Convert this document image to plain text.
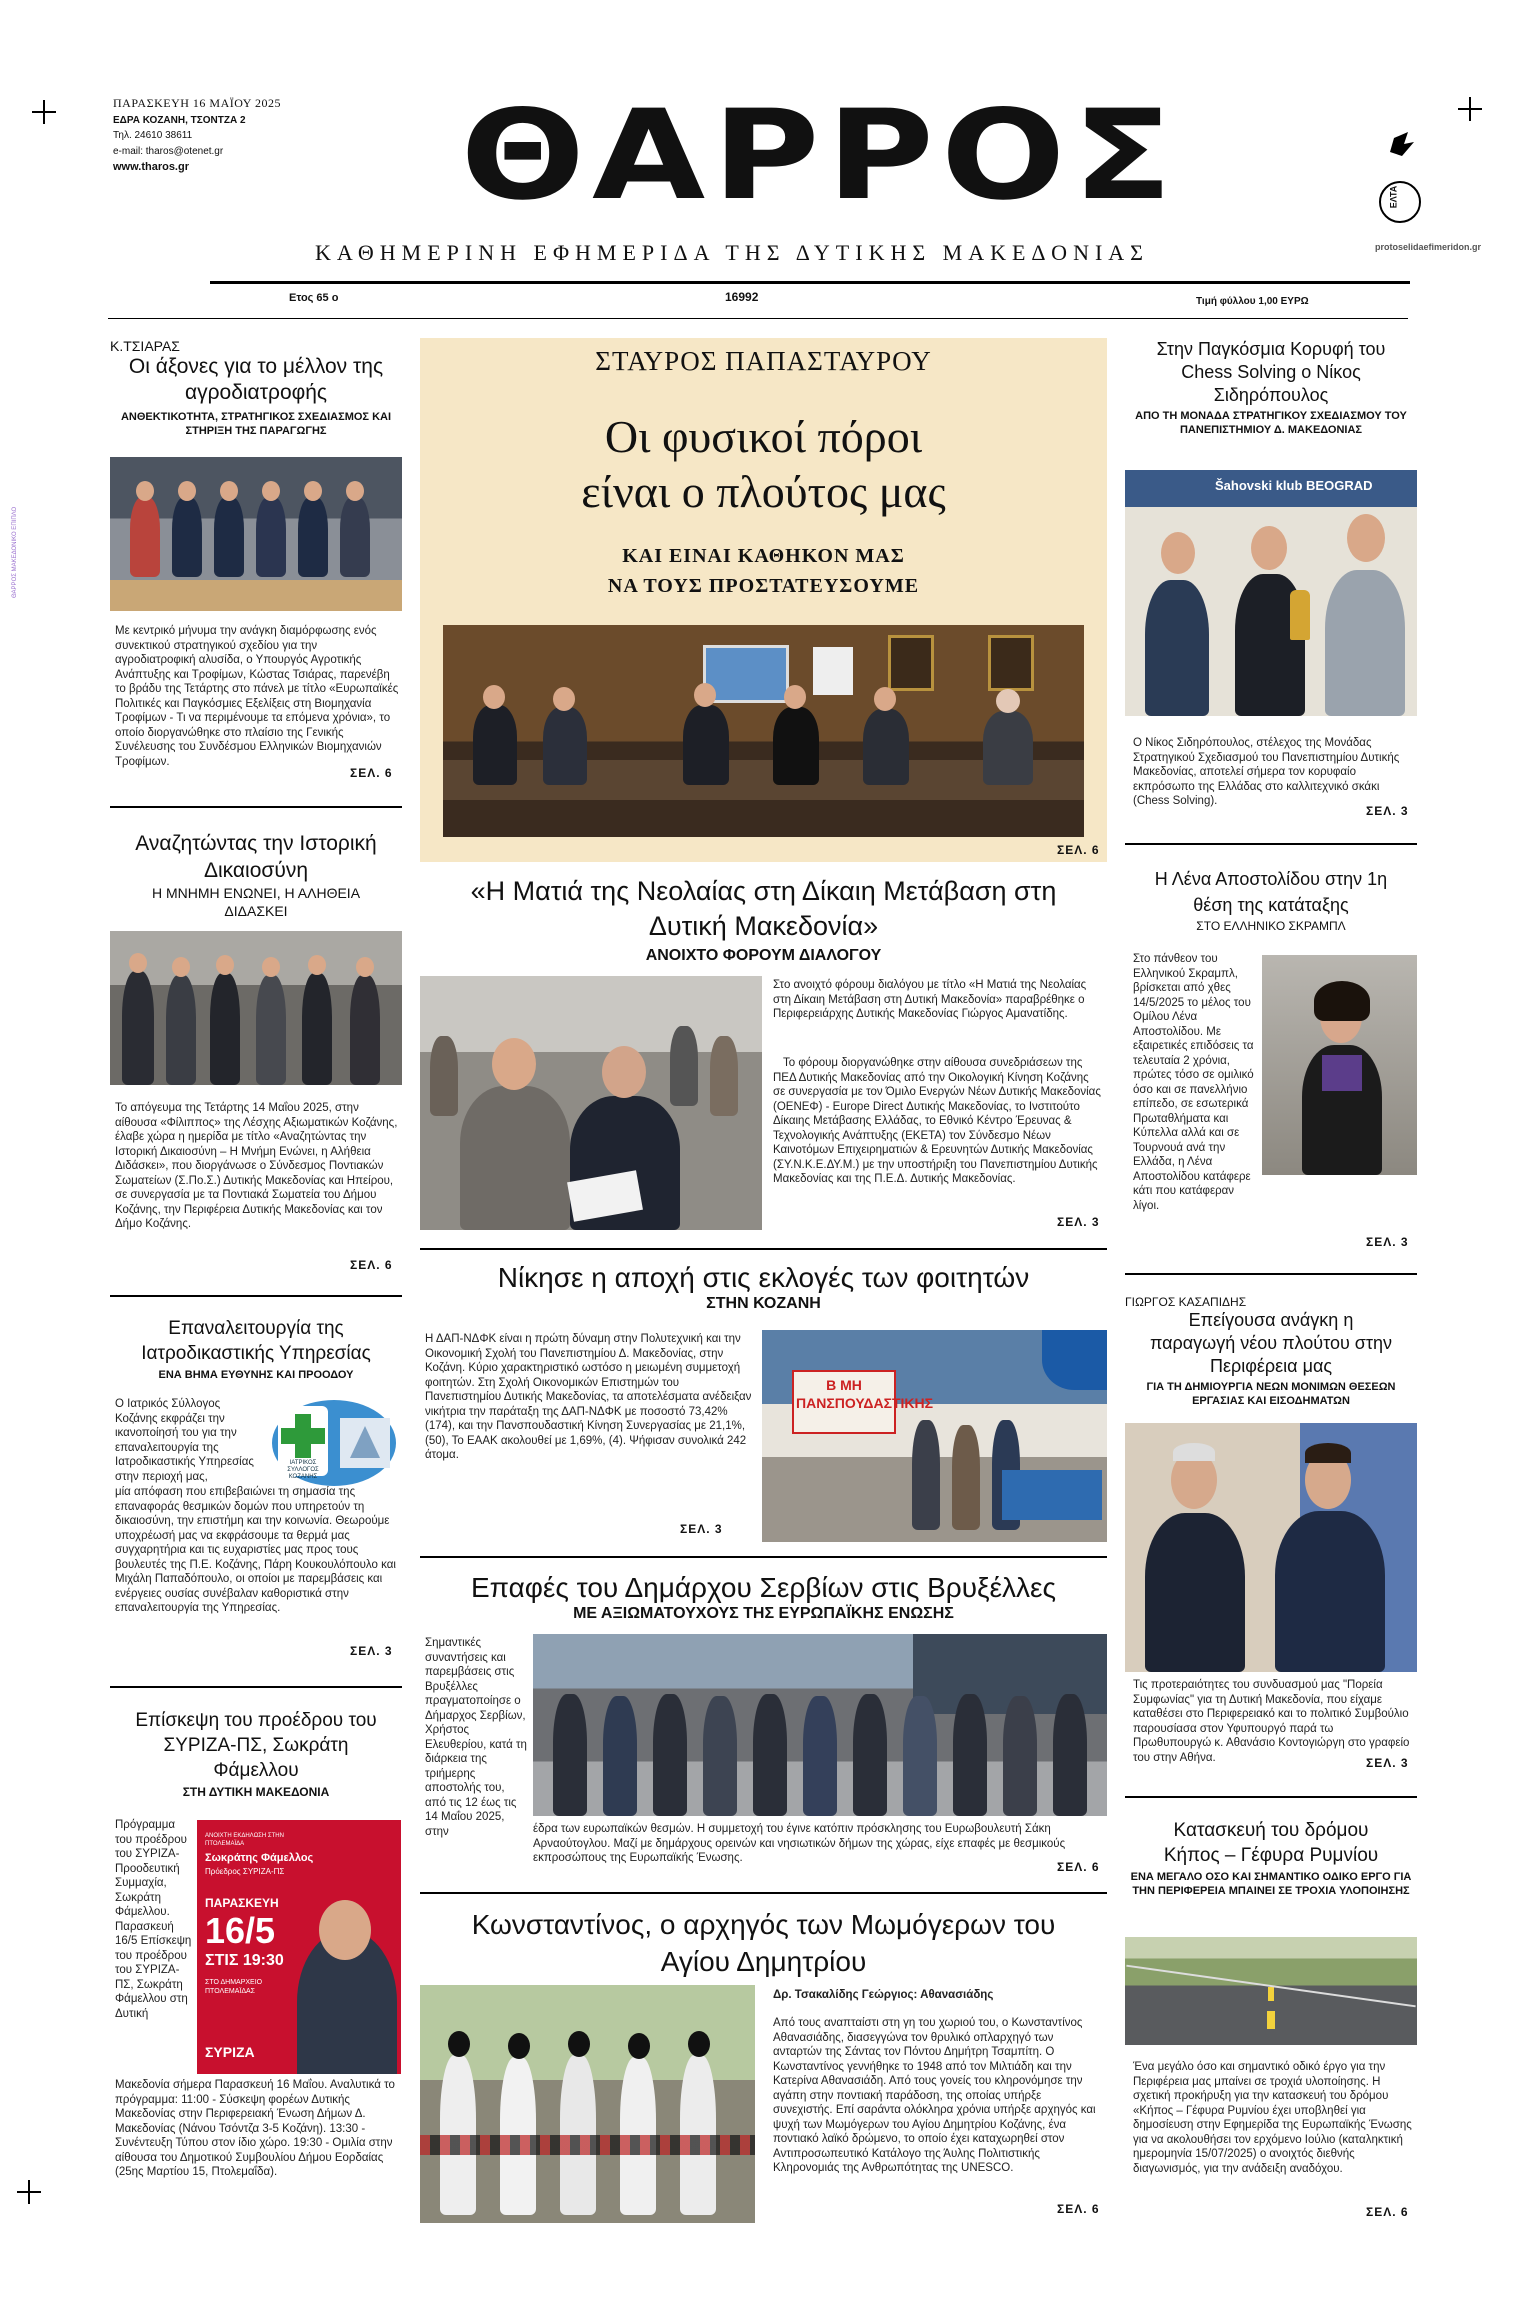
ΘΑΡΡΟΣ ΜΑΚΕΔΟΝΙΚΟ ΕΠΙΠΛΟ
ΠΑΡΑΣΚΕΥΗ 16 ΜΑΪΟΥ 2025
ΕΔΡΑ ΚΟΖΑΝΗ, ΤΣΟΝΤΖΑ 2
Τηλ. 24610 38611
e-mail: tharos@otenet.gr
www.tharos.gr	ΘΑΡΡΟΣ	ΕΛΤΑ
protoselidaefimeridon.gr
ΚΑΘΗΜΕΡΙΝΗ ΕΦΗΜΕΡΙΔΑ ΤΗΣ ΔΥΤΙΚΗΣ ΜΑΚΕΔΟΝΙΑΣ
Ετος 65 ο	16992	Τιμή φύλλου 1,00 ΕΥΡΩ
Κ.ΤΣΙΑΡΑΣ
Οι άξονες για το μέλλον της αγροδιατροφής
ΑΝΘΕΚΤΙΚΟΤΗΤΑ, ΣΤΡΑΤΗΓΙΚΟΣ ΣΧΕΔΙΑΣΜΟΣ ΚΑΙ ΣΤΗΡΙΞΗ ΤΗΣ ΠΑΡΑΓΩΓΗΣ
Με κεντρικό μήνυμα την ανάγκη διαμόρφωσης ενός συνεκτικού στρατηγικού σχεδίου για την αγροδιατροφική αλυσίδα, ο Υπουργός Αγροτικής Ανάπτυξης και Τροφίμων, Κώστας Τσιάρας, παρενέβη το βράδυ της Τετάρτης στο πάνελ με τίτλο «Ευρωπαϊκές Πολιτικές και Παγκόσμιες Εξελίξεις στη Βιομηχανία Τροφίμων - Τι να περιμένουμε τα επόμενα χρόνια», το οποίο διοργανώθηκε στο πλαίσιο της Γενικής Συνέλευσης του Συνδέσμου Ελληνικών Βιομηχανιών Τροφίμων.
ΣΕΛ. 6
Αναζητώντας την Ιστορική Δικαιοσύνη
Η ΜΝΗΜΗ ΕΝΩΝΕΙ, Η ΑΛΗΘΕΙΑ ΔΙΔΑΣΚΕΙ
Το απόγευμα της Τετάρτης 14 Μαΐου 2025, στην αίθουσα «Φίλιππος» της Λέσχης Αξιωματικών Κοζάνης, έλαβε χώρα η ημερίδα με τίτλο «Αναζητώντας την Ιστορική Δικαιοσύνη – Η Μνήμη Ενώνει, η Αλήθεια Διδάσκει», που διοργάνωσε ο Σύνδεσμος Ποντιακών Σωματείων (Σ.Πο.Σ.) Δυτικής Μακεδονίας και Ηπείρου, σε συνεργασία με τα Ποντιακά Σωματεία του Δήμου Κοζάνης, την Περιφέρεια Δυτικής Μακεδονίας και τον Δήμο Κοζάνης.
ΣΕΛ. 6
Επαναλειτουργία της Ιατροδικαστικής Υπηρεσίας
ΕΝΑ ΒΗΜΑ ΕΥΘΥΝΗΣ ΚΑΙ ΠΡΟΟΔΟΥ
ΙΑΤΡΙΚΟΣ ΣΥΛΛΟΓΟΣ ΚΟΖΑΝΗΣ
Ο Ιατρικός Σύλλογος Κοζάνης εκφράζει την ικανοποίησή του για την επαναλειτουργία της Ιατροδικαστικής Υπηρεσίας στην περιοχή μας,
μία απόφαση που επιβεβαιώνει τη σημασία της επαναφοράς θεσμικών δομών που υπηρετούν τη δικαιοσύνη, την επιστήμη και την κοινωνία. Θεωρούμε υποχρέωσή μας να εκφράσουμε τα θερμά μας συγχαρητήρια και τις ευχαριστίες μας προς τους βουλευτές της Π.Ε. Κοζάνης, Πάρη Κουκουλόπουλο και Μιχάλη Παπαδόπουλο, οι οποίοι με παρεμβάσεις και ενέργειες ουσίας συνέβαλαν καθοριστικά στην επαναλειτουργία της Υπηρεσίας.
ΣΕΛ. 3
Επίσκεψη του προέδρου του ΣΥΡΙΖΑ-ΠΣ, Σωκράτη Φάμελλου
ΣΤΗ ΔΥΤΙΚΗ ΜΑΚΕΔΟΝΙΑ
Πρόγραμμα του προέδρου του ΣΥΡΙΖΑ-Προοδευτική Συμμαχία, Σωκράτη Φάμελλου. Παρασκευή 16/5 Επίσκεψη του προέδρου του ΣΥΡΙΖΑ-ΠΣ, Σωκράτη Φάμελλου στη Δυτική
ΑΝΟΙΧΤΗ ΕΚΔΗΛΩΣΗ ΣΤΗΝ ΠΤΟΛΕΜΑΪΔΑ
Σωκράτης Φάμελλος
Πρόεδρος ΣΥΡΙΖΑ-ΠΣ
ΠΑΡΑΣΚΕΥΗ
16/5
ΣΤΙΣ 19:30
ΣΤΟ ΔΗΜΑΡΧΕΙΟ ΠΤΟΛΕΜΑΪΔΑΣ
ΣΥΡΙΖΑ
Μακεδονία σήμερα Παρασκευή 16 Μαΐου. Αναλυτικά το πρόγραμμα: 11:00 - Σύσκεψη φορέων Δυτικής Μακεδονίας στην Περιφερειακή Ένωση Δήμων Δ. Μακεδονίας (Νάνου Τσόντζα 3-5 Κοζάνη). 13:30 - Συνέντευξη Τύπου στον ίδιο χώρο. 19:30 - Ομιλία στην αίθουσα του Δημοτικού Συμβουλίου Δήμου Εορδαίας (25ης Μαρτίου 15, Πτολεμαΐδα).
ΣΤΑΥΡΟΣ ΠΑΠΑΣΤΑΥΡΟΥ
Οι φυσικοί πόροι
είναι ο πλούτος μας
ΚΑΙ ΕΙΝΑΙ ΚΑΘΗΚΟΝ ΜΑΣ
ΝΑ ΤΟΥΣ ΠΡΟΣΤΑΤΕΥΣΟΥΜΕ
ΣΕΛ. 6
«Η Ματιά της Νεολαίας στη Δίκαιη Μετάβαση στη Δυτική Μακεδονία»
ΑΝΟΙΧΤΟ ΦΟΡΟΥΜ ΔΙΑΛΟΓΟΥ
Στο ανοιχτό φόρουμ διαλόγου με τίτλο «Η Ματιά της Νεολαίας στη Δίκαιη Μετάβαση στη Δυτική Μακεδονία» παραβρέθηκε ο Περιφερειάρχης Δυτικής Μακεδονίας Γιώργος Αμανατίδης.
Το φόρουμ διοργανώθηκε στην αίθουσα συνεδριάσεων της ΠΕΔ Δυτικής Μακεδονίας από την Οικολογική Κίνηση Κοζάνης σε συνεργασία με τον Όμιλο Ενεργών Νέων Δυτικής Μακεδονίας (ΟΕΝΕΦ) - Europe Direct Δυτικής Μακεδονίας, το Ινστιτούτο Δίκαιης Μετάβασης Ελλάδας, το Εθνικό Κέντρο Έρευνας & Τεχνολογικής Ανάπτυξης (ΕΚΕΤΑ) τον Σύνδεσμο Νέων Καινοτόμων Επιχειρηματιών & Ερευνητών Δυτικής Μακεδονίας (ΣΥ.Ν.Κ.Ε.ΔΥ.Μ.) με την υποστήριξη του Πανεπιστημίου Δυτικής Μακεδονίας και της Π.Ε.Δ. Δυτικής Μακεδονίας.
ΣΕΛ. 3
Νίκησε η αποχή στις εκλογές των φοιτητών
ΣΤΗΝ ΚΟΖΑΝΗ
Η ΔΑΠ-ΝΔΦΚ είναι η πρώτη δύναμη στην Πολυτεχνική και την Οικονομική Σχολή του Πανεπιστημίου Δ. Μακεδονίας, στην Κοζάνη. Κύριο χαρακτηριστικό ωστόσο η μειωμένη συμμετοχή φοιτητών. Στη Σχολή Οικονομικών Επιστημών του Πανεπιστημίου Δυτικής Μακεδονίας, τα αποτελέσματα ανέδειξαν νικήτρια την παράταξη της ΔΑΠ-ΝΔΦΚ με ποσοστό 73,42% (174), και την Πανσπουδαστική Κίνηση Συνεργασίας με 21,1%, (50), Το ΕΑΑΚ ακολουθεί με 1,69%, (4). Ψήφισαν συνολικά 242 άτομα.
ΣΕΛ. 3
Β ΜΗ ΠΑΝΣΠΟΥΔΑΣΤΙΚΗΣ
Επαφές του Δημάρχου Σερβίων στις Βρυξέλλες
ΜΕ ΑΞΙΩΜΑΤΟΥΧΟΥΣ ΤΗΣ ΕΥΡΩΠΑΪΚΗΣ ΕΝΩΣΗΣ
Σημαντικές συναντήσεις και παρεμβάσεις στις Βρυξέλλες πραγματοποίησε ο Δήμαρχος Σερβίων, Χρήστος Ελευθερίου, κατά τη διάρκεια της τριήμερης αποστολής του, από τις 12 έως τις 14 Μαΐου 2025, στην	έδρα των ευρωπαϊκών θεσμών. Η συμμετοχή του έγινε κατόπιν πρόσκλησης του Ευρωβουλευτή Σάκη Αρναούτογλου. Μαζί με δημάρχους ορεινών και νησιωτικών δήμων της χώρας, είχε επαφές με θεσμικούς εκπροσώπους της Ευρωπαϊκής Ένωσης.
ΣΕΛ. 6
Κωνσταντίνος, ο αρχηγός των Μωμόγερων του Αγίου Δημητρίου
Δρ. Τσακαλίδης Γεώργιος: Αθανασιάδης
Από τους αναπταίστι στη γη του χωριού του, ο Κωνσταντίνος Αθανασιάδης, διασεγγώνα τον θρυλικό οπλαρχηγό των ανταρτών της Σάντας τον Πόντου Δημήτρη Τσαμπίτη. Ο Κωνσταντίνος γεννήθηκε το 1948 από τον Μιλτιάδη και την Κατερίνα Αθανασιάδη. Από τους γονείς του κληρονόμησε την αγάπη στην ποντιακή παράδοση, της οποίας υπήρξε συνεχιστής. Επί σαράντα ολόκληρα χρόνια υπήρξε αρχηγός και ψυχή των Μωμόγερων του Αγίου Δημητρίου Κοζάνης, ένα ποντιακό λαϊκό δρώμενο, το οποίο έχει καταχωρηθεί στον Αντιπροσωπευτικό Κατάλογο της Άυλης Πολιτιστικής Κληρονομιάς της Ανθρωπότητας της UNESCO.
ΣΕΛ. 6
Στην Παγκόσμια Κορυφή του Chess Solving ο Νίκος Σιδηρόπουλος
ΑΠΟ ΤΗ ΜΟΝΑΔΑ ΣΤΡΑΤΗΓΙΚΟΥ ΣΧΕΔΙΑΣΜΟΥ ΤΟΥ ΠΑΝΕΠΙΣΤΗΜΙΟΥ Δ. ΜΑΚΕΔΟΝΙΑΣ
Šahovski klub BEOGRAD
Ο Νίκος Σιδηρόπουλος, στέλεχος της Μονάδας Στρατηγικού Σχεδιασμού του Πανεπιστημίου Δυτικής Μακεδονίας, αποτελεί σήμερα τον κορυφαίο εκπρόσωπο της Ελλάδας στο καλλιτεχνικό σκάκι (Chess Solving).
ΣΕΛ. 3
Η Λένα Αποστολίδου στην 1η θέση της κατάταξης
ΣΤΟ ΕΛΛΗΝΙΚΟ ΣΚΡΑΜΠΛ
Στο πάνθεον του Ελληνικού Σκραμπλ, βρίσκεται από χθες 14/5/2025 το μέλος του Ομίλου Λένα Αποστολίδου. Με εξαιρετικές επιδόσεις τα τελευταία 2 χρόνια, πρώτες τόσο σε ομιλικό όσο και σε πανελλήνιο επίπεδο, σε εσωτερικά Πρωταθλήματα και Κύπελλα αλλά και σε Τουρνουά ανά την Ελλάδα, η Λένα Αποστολίδου κατάφερε κάτι που κατάφεραν λίγοι.
ΣΕΛ. 3
ΓΙΩΡΓΟΣ ΚΑΣΑΠΙΔΗΣ
Επείγουσα ανάγκη η παραγωγή νέου πλούτου στην Περιφέρεια μας
ΓΙΑ ΤΗ ΔΗΜΙΟΥΡΓΙΑ ΝΕΩΝ ΜΟΝΙΜΩΝ ΘΕΣΕΩΝ ΕΡΓΑΣΙΑΣ ΚΑΙ ΕΙΣΟΔΗΜΑΤΩΝ
Τις προτεραιότητες του συνδυασμού μας "Πορεία Συμφωνίας" για τη Δυτική Μακεδονία, που είχαμε καταθέσει στο Περιφερειακό και το πολιτικό Συμβούλιο παρουσίασα στον Υφυπουργό παρά τω Πρωθυπουργώ κ. Αθανάσιο Κοντογιώργη στο γραφείο του στην Αθήνα.	ΣΕΛ. 3
Κατασκευή του δρόμου Κήπος – Γέφυρα Ρυμνίου
ΕΝΑ ΜΕΓΑΛΟ ΟΣΟ ΚΑΙ ΣΗΜΑΝΤΙΚΟ ΟΔΙΚΟ ΕΡΓΟ ΓΙΑ ΤΗΝ ΠΕΡΙΦΕΡΕΙΑ ΜΠΑΙΝΕΙ ΣΕ ΤΡΟΧΙΑ ΥΛΟΠΟΙΗΣΗΣ
Ένα μεγάλο όσο και σημαντικό οδικό έργο για την Περιφέρεια μας μπαίνει σε τροχιά υλοποίησης. Η σχετική προκήρυξη για την κατασκευή του δρόμου «Κήπος – Γέφυρα Ρυμνίου έχει υποβληθεί για δημοσίευση στην Εφημερίδα της Ευρωπαϊκής Ένωσης για να ακολουθήσει τον ερχόμενο Ιούλιο (καταληκτική ημερομηνία 15/07/2025) ο ανοιχτός διεθνής διαγωνισμός, για την ανάδειξη αναδόχου.
ΣΕΛ. 6
